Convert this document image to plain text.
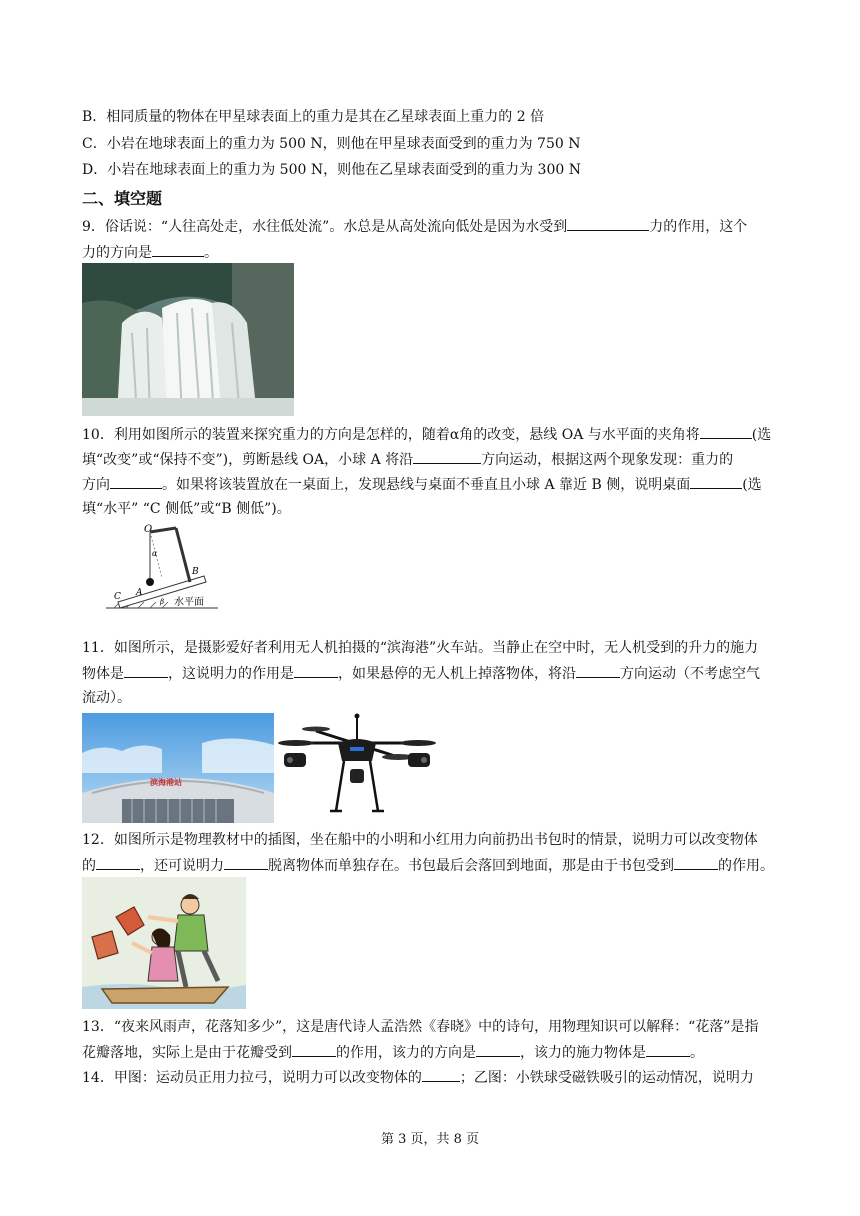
B．相同质量的物体在甲星球表面上的重力是其在乙星球表面上重力的 2 倍
C．小岩在地球表面上的重力为 500 N，则他在甲星球表面受到的重力为 750 N
D．小岩在地球表面上的重力为 500 N，则他在乙星球表面受到的重力为 300 N
二、填空题
9．俗话说：“人往高处走，水往低处流”。水总是从高处流向低处是因为水受到	力的作用，这个
力的方向是	。
10．利用如图所示的装置来探究重力的方向是怎样的，随着α角的改变，悬线 OA 与水平面的夹角将	(选
填“改变”或“保持不变”)，剪断悬线 OA，小球 A 将沿	方向运动，根据这两个现象发现：重力的
方向	。如果将该装置放在一桌面上，发现悬线与桌面不垂直且小球 A 靠近 B 侧，说明桌面	(选
填“水平” “C 侧低”或“B 侧低”)。
O
α
A
B
C	β 水平面
11．如图所示，是摄影爱好者利用无人机拍摄的“滨海港”火车站。当静止在空中时，无人机受到的升力的施力
物体是	，这说明力的作用是	，如果悬停的无人机上掉落物体，将沿	方向运动（不考虑空气
流动）。
滨海港站
12．如图所示是物理教材中的插图，坐在船中的小明和小红用力向前扔出书包时的情景，说明力可以改变物体
的	，还可说明力	脱离物体而单独存在。书包最后会落回到地面，那是由于书包受到	的作用。
13．“夜来风雨声，花落知多少”，这是唐代诗人孟浩然《春晓》中的诗句，用物理知识可以解释：“花落”是指
花瓣落地，实际上是由于花瓣受到	的作用，该力的方向是	，该力的施力物体是	。
14．甲图：运动员正用力拉弓，说明力可以改变物体的	；乙图：小铁球受磁铁吸引的运动情况，说明力
第 3 页，共 8 页
